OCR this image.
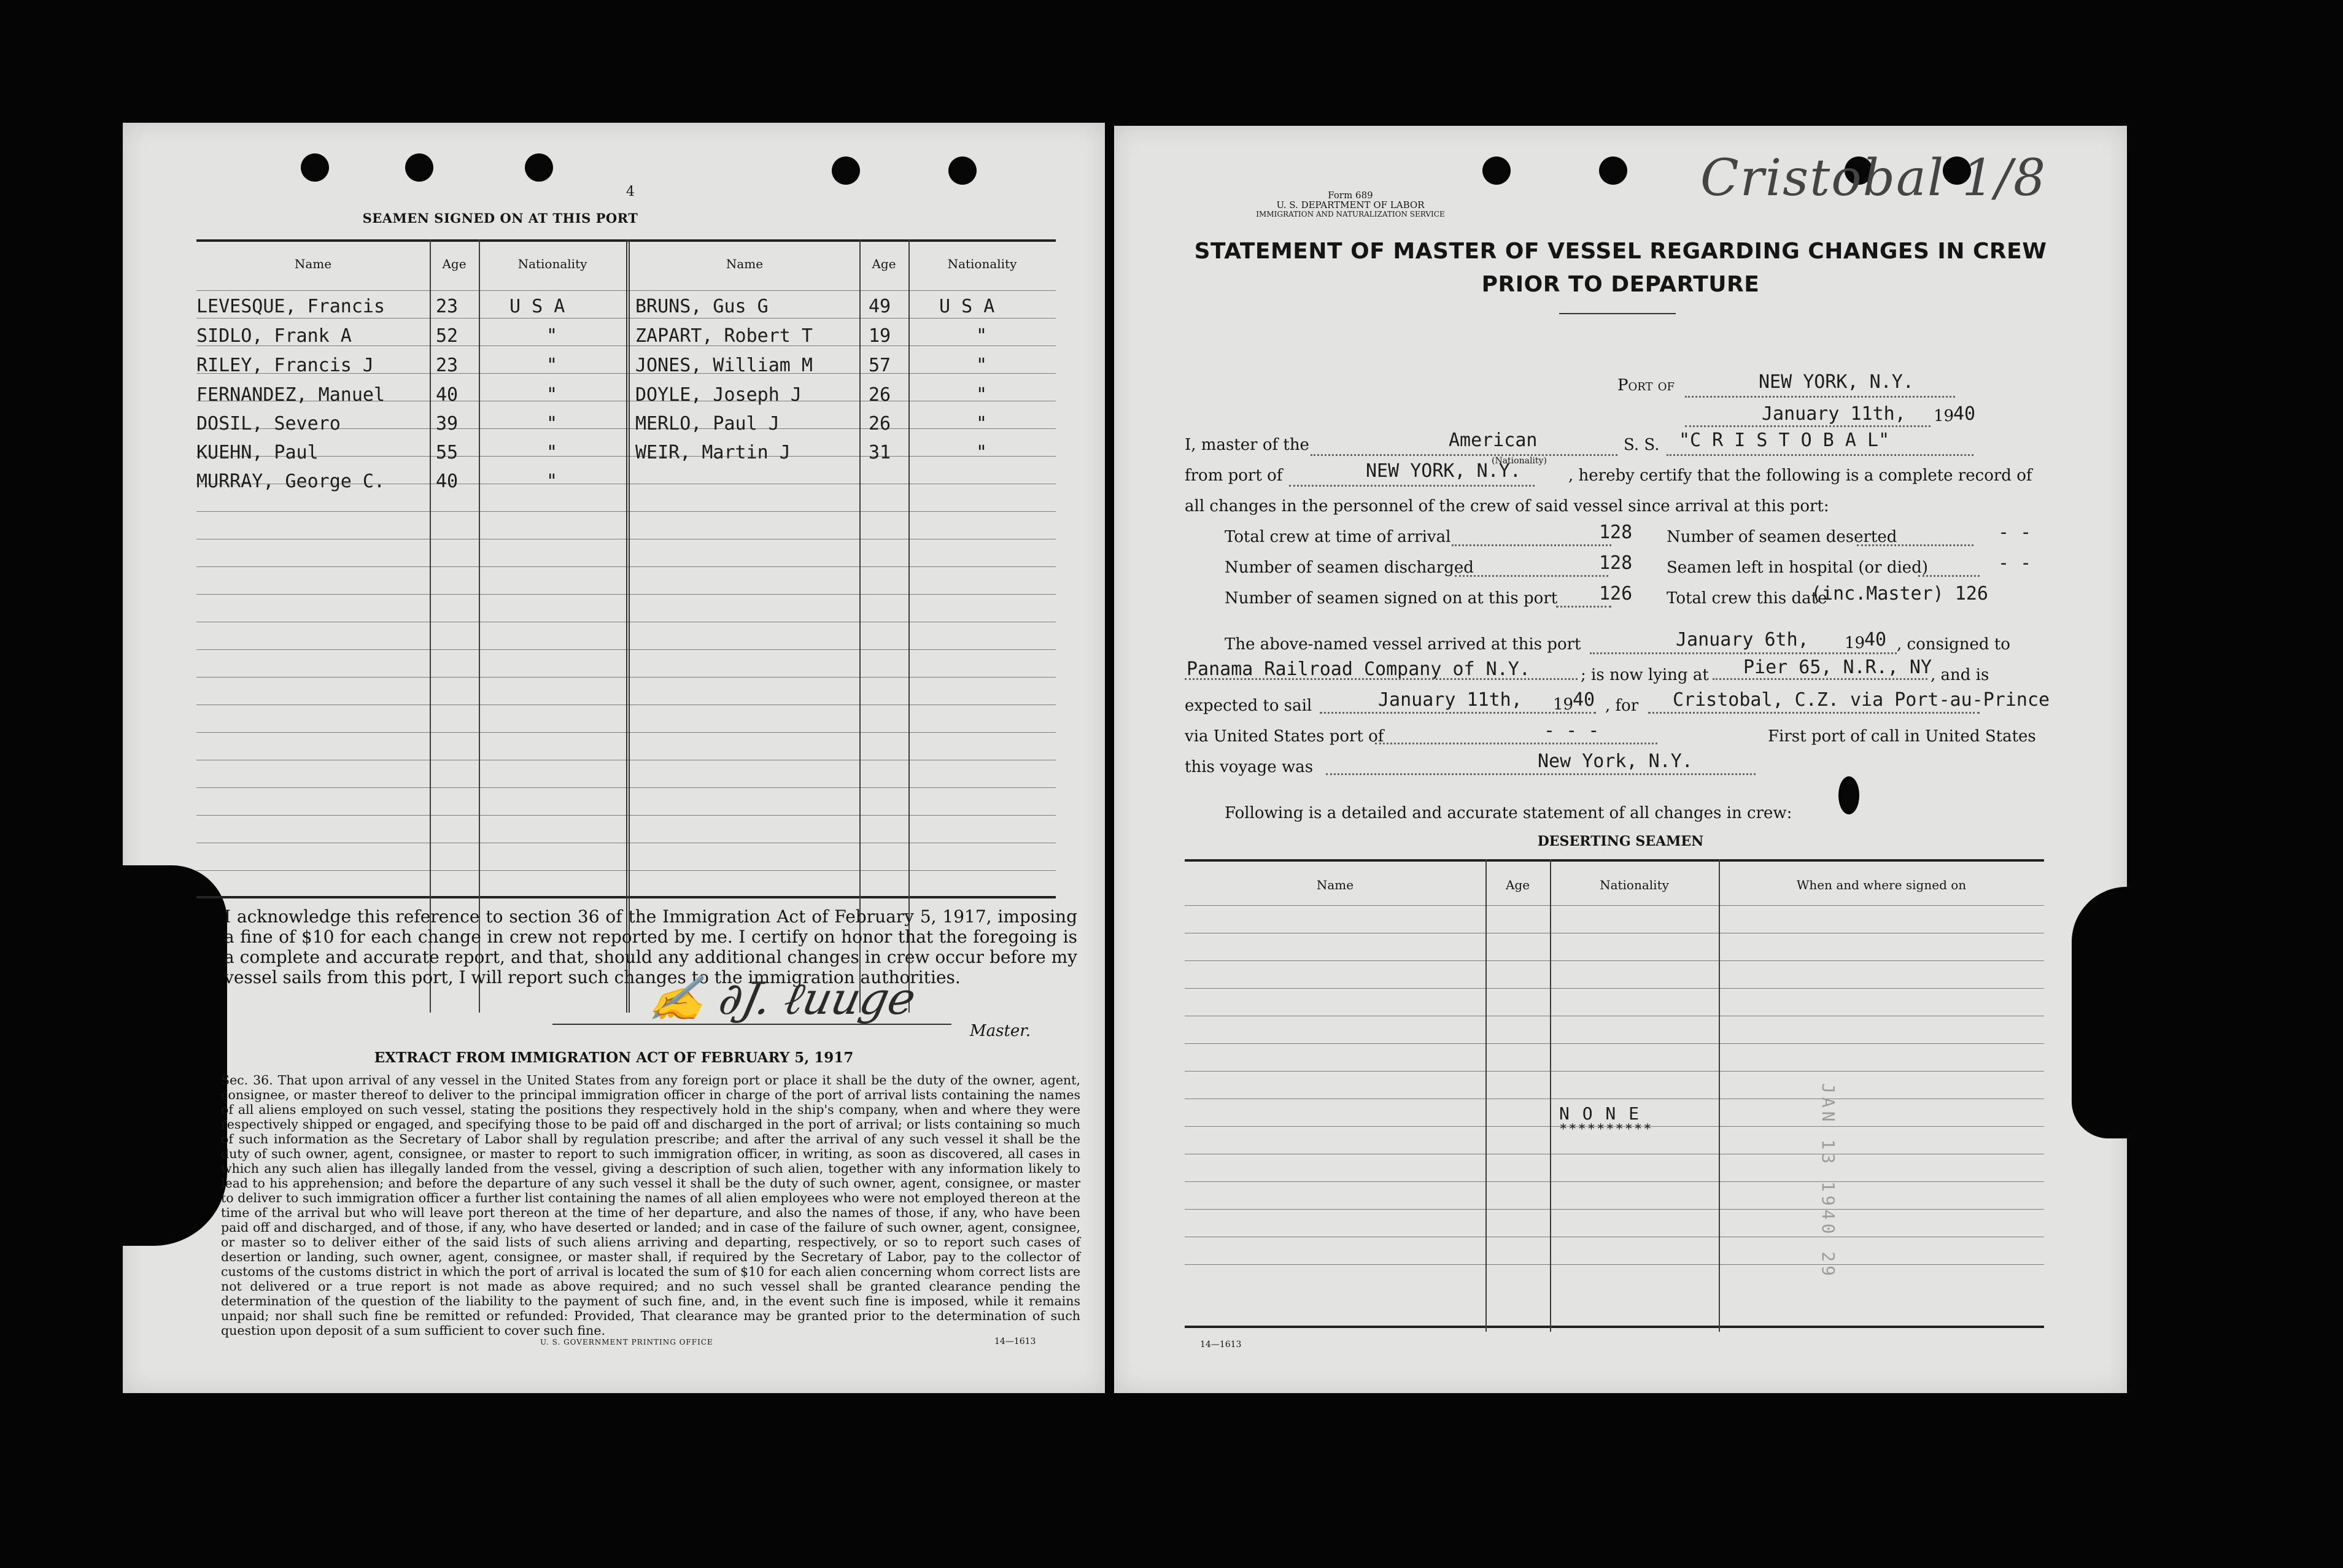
4
SEAMEN SIGNED ON AT THIS PORT
Name	Age	Nationality	Name	Age	Nationality
LEVESQUE, Francis	23	U S A
SIDLO, Frank A	52	"
RILEY, Francis J	23	"
FERNANDEZ, Manuel	40	"
DOSIL, Severo	39	"
KUEHN, Paul	55	"
MURRAY, George C.	40	"
BRUNS, Gus G	49	U S A
ZAPART, Robert T	19	"
JONES, William M	57	"
DOYLE, Joseph J	26	"
MERLO, Paul J	26	"
WEIR, Martin J	31	"
I acknowledge this reference to section 36 of the Immigration Act of February 5, 1917, imposing a fine of $10 for each change in crew not reported by me. I certify on honor that the foregoing is a complete and accurate report, and that, should any additional changes in crew occur before my vessel sails from this port, I will report such changes to the immigration authorities.
✍ ∂J. ℓuuge
Master.
EXTRACT FROM IMMIGRATION ACT OF FEBRUARY 5, 1917
Sec. 36. That upon arrival of any vessel in the United States from any foreign port or place it shall be the duty of the owner, agent, consignee, or master thereof to deliver to the principal immigration officer in charge of the port of arrival lists containing the names of all aliens employed on such vessel, stating the positions they respectively hold in the ship's company, when and where they were respectively shipped or engaged, and specifying those to be paid off and discharged in the port of arrival; or lists containing so much of such information as the Secretary of Labor shall by regulation prescribe; and after the arrival of any such vessel it shall be the duty of such owner, agent, consignee, or master to report to such immigration officer, in writing, as soon as discovered, all cases in which any such alien has illegally landed from the vessel, giving a description of such alien, together with any information likely to lead to his apprehension; and before the departure of any such vessel it shall be the duty of such owner, agent, consignee, or master to deliver to such immigration officer a further list containing the names of all alien employees who were not employed thereon at the time of the arrival but who will leave port thereon at the time of her departure, and also the names of those, if any, who have been paid off and discharged, and of those, if any, who have deserted or landed; and in case of the failure of such owner, agent, consignee, or master so to deliver either of the said lists of such aliens arriving and departing, respectively, or so to report such cases of desertion or landing, such owner, agent, consignee, or master shall, if required by the Secretary of Labor, pay to the collector of customs of the customs district in which the port of arrival is located the sum of $10 for each alien concerning whom correct lists are not delivered or a true report is not made as above required; and no such vessel shall be granted clearance pending the determination of the question of the liability to the payment of such fine, and, in the event such fine is imposed, while it remains unpaid; nor shall such fine be remitted or refunded: Provided, That clearance may be granted prior to the determination of such question upon deposit of a sum sufficient to cover such fine.
U. S. GOVERNMENT PRINTING OFFICE	14—1613
Cristobal 1/8
Form 689
U. S. DEPARTMENT OF LABOR
IMMIGRATION AND NATURALIZATION SERVICE
STATEMENT OF MASTER OF VESSEL REGARDING CHANGES IN CREW
PRIOR TO DEPARTURE
Port of	NEW YORK, N.Y.
January 11th, 19
40
I, master of the	American
(Nationality)
S. S. "C R I S T O B A L"
from port of	NEW YORK, N.Y.	, hereby certify that the following is a complete record of
all changes in the personnel of the crew of said vessel since arrival at this port:
Total crew at time of arrival	128
Number of seamen discharged	128
Number of seamen signed on at this port 126
Number of seamen deserted	- -
Seamen left in hospital (or died)	- -
Total crew this date
(inc.Master) 126
The above-named vessel arrived at this port	January 6th, 19
40 , consigned to
Panama Railroad Company of N.Y.	; is now lying at Pier 65, N.R., NY
, and is
expected to sail	January 11th, 19
40 , for Cristobal, C.Z. via Port-au-Prince
via United States port of	- - -	First port of call in United States
this voyage was	New York, N.Y.
Following is a detailed and accurate statement of all changes in crew:
DESERTING SEAMEN
Name	Age	Nationality	When and where signed on
N O N E
**********	JAN 13 1940 29
14—1613
